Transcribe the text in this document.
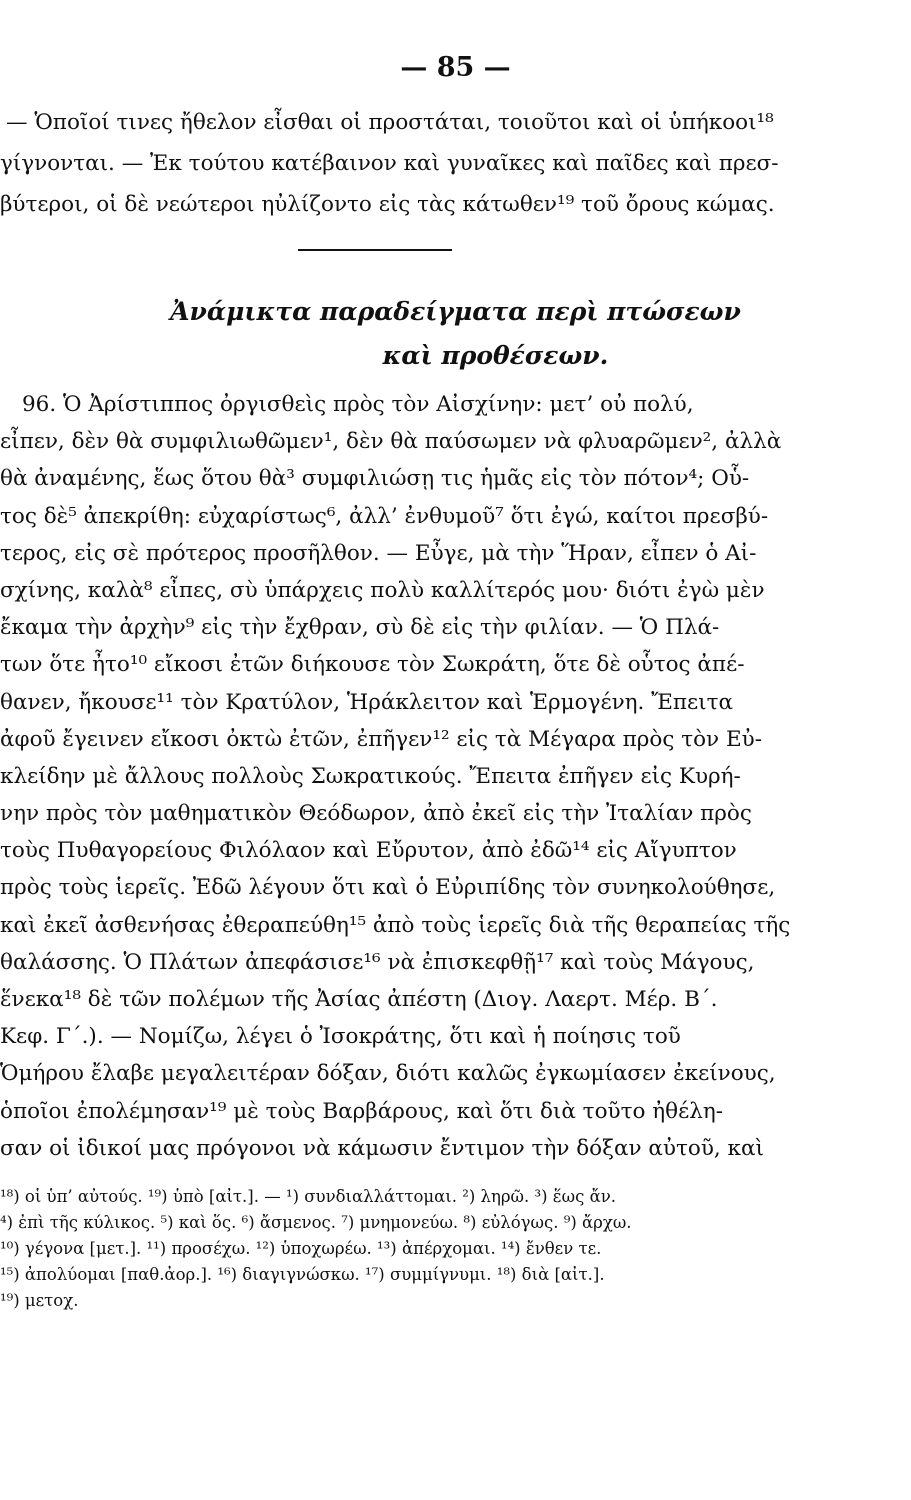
— 85 —
— Ὁποῖοί τινες ἤθελον εἶσθαι οἱ προστάται, τοιοῦτοι καὶ οἱ ὑπήκοοι¹⁸
γίγνονται. — Ἐκ τούτου κατέβαινον καὶ γυναῖκες καὶ παῖδες καὶ πρεσ-
βύτεροι, οἱ δὲ νεώτεροι ηὐλίζοντο εἰς τὰς κάτωθεν¹⁹ τοῦ ὄρους κώμας.
Ἀνάμικτα παραδείγματα περὶ πτώσεων
καὶ προθέσεων.
96. Ὁ Ἀρίστιππος ὀργισθεὶς πρὸς τὸν Αἰσχίνην: μετ’ οὐ πολύ,
εἶπεν, δὲν θὰ συμφιλιωθῶμεν¹, δὲν θὰ παύσωμεν νὰ φλυαρῶμεν², ἀλλὰ
θὰ ἀναμένης, ἕως ὅτου θὰ³ συμφιλιώσῃ τις ἡμᾶς εἰς τὸν πότον⁴; Οὗ-
τος δὲ⁵ ἀπεκρίθη: εὐχαρίστως⁶, ἀλλ’ ἐνθυμοῦ⁷ ὅτι ἐγώ, καίτοι πρεσβύ-
τερος, εἰς σὲ πρότερος προσῆλθον. — Εὖγε, μὰ τὴν Ἥραν, εἶπεν ὁ Αἰ-
σχίνης, καλὰ⁸ εἶπες, σὺ ὑπάρχεις πολὺ καλλίτερός μου· διότι ἐγὼ μὲν
ἔκαμα τὴν ἀρχὴν⁹ εἰς τὴν ἔχθραν, σὺ δὲ εἰς τὴν φιλίαν. — Ὁ Πλά-
των ὅτε ἦτο¹⁰ εἴκοσι ἐτῶν διήκουσε τὸν Σωκράτη, ὅτε δὲ οὗτος ἀπέ-
θανεν, ἤκουσε¹¹ τὸν Κρατύλον, Ἡράκλειτον καὶ Ἑρμογένη. Ἔπειτα
ἀφοῦ ἔγεινεν εἴκοσι ὀκτὼ ἐτῶν, ἐπῆγεν¹² εἰς τὰ Μέγαρα πρὸς τὸν Εὐ-
κλείδην μὲ ἄλλους πολλοὺς Σωκρατικούς. Ἔπειτα ἐπῆγεν εἰς Κυρή-
νην πρὸς τὸν μαθηματικὸν Θεόδωρον, ἀπὸ ἐκεῖ εἰς τὴν Ἰταλίαν πρὸς
τοὺς Πυθαγορείους Φιλόλαον καὶ Εὔρυτον, ἀπὸ ἐδῶ¹⁴ εἰς Αἴγυπτον
πρὸς τοὺς ἱερεῖς. Ἐδῶ λέγουν ὅτι καὶ ὁ Εὐριπίδης τὸν συνηκολούθησε,
καὶ ἐκεῖ ἀσθενήσας ἐθεραπεύθη¹⁵ ἀπὸ τοὺς ἱερεῖς διὰ τῆς θεραπείας τῆς
θαλάσσης. Ὁ Πλάτων ἀπεφάσισε¹⁶ νὰ ἐπισκεφθῇ¹⁷ καὶ τοὺς Μάγους,
ἕνεκα¹⁸ δὲ τῶν πολέμων τῆς Ἀσίας ἀπέστη (Διογ. Λαερτ. Μέρ. Β΄.
Κεφ. Γ΄.). — Νομίζω, λέγει ὁ Ἰσοκράτης, ὅτι καὶ ἡ ποίησις τοῦ
Ὁμήρου ἔλαβε μεγαλειτέραν δόξαν, διότι καλῶς ἐγκωμίασεν ἐκείνους,
ὁποῖοι ἐπολέμησαν¹⁹ μὲ τοὺς Βαρβάρους, καὶ ὅτι διὰ τοῦτο ἠθέλη-
σαν οἱ ἰδικοί μας πρόγονοι νὰ κάμωσιν ἔντιμον τὴν δόξαν αὐτοῦ, καὶ
¹⁸) οἱ ὑπ’ αὐτούς. ¹⁹) ὑπὸ [αἰτ.]. — ¹) συνδιαλλάττομαι. ²) ληρῶ. ³) ἕως ἄν.
⁴) ἐπὶ τῆς κύλικος. ⁵) καὶ ὅς. ⁶) ἄσμενος. ⁷) μνημονεύω. ⁸) εὐλόγως. ⁹) ἄρχω.
¹⁰) γέγονα [μετ.]. ¹¹) προσέχω. ¹²) ὑποχωρέω. ¹³) ἀπέρχομαι. ¹⁴) ἔνθεν τε.
¹⁵) ἀπολύομαι [παθ.ἀορ.]. ¹⁶) διαγιγνώσκω. ¹⁷) συμμίγνυμι. ¹⁸) διὰ [αἰτ.].
¹⁹) μετοχ.
